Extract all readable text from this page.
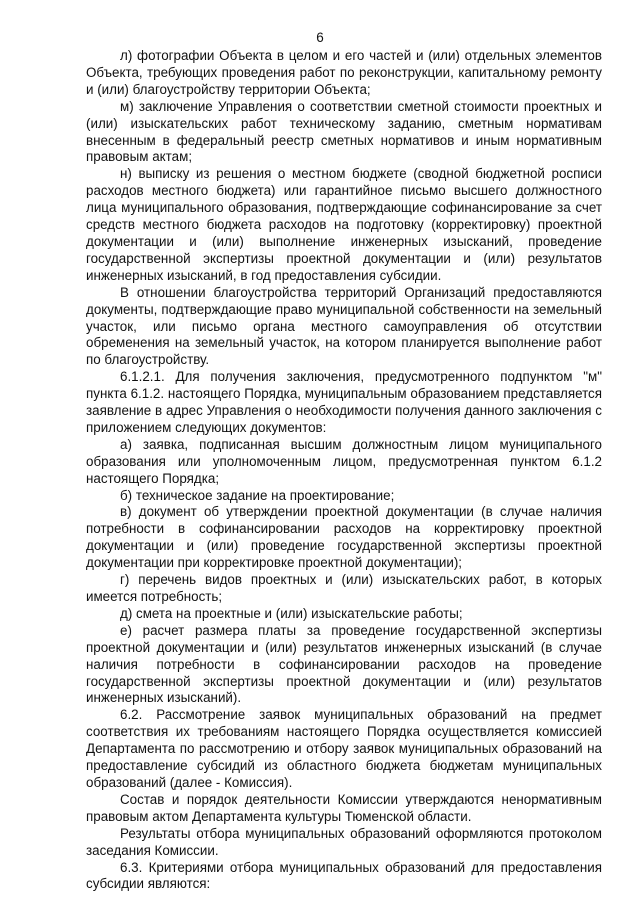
6

л) фотографии Объекта в целом и его частей и (или) отдельных элементов Объекта, требующих проведения работ по реконструкции, капитальному ремонту и (или) благоустройству территории Объекта;

м) заключение Управления о соответствии сметной стоимости проектных и (или) изыскательских работ техническому заданию, сметным нормативам внесенным в федеральный реестр сметных нормативов и иным нормативным правовым актам;

н) выписку из решения о местном бюджете (сводной бюджетной росписи расходов местного бюджета) или гарантийное письмо высшего должностного лица муниципального образования, подтверждающие софинансирование за счет средств местного бюджета расходов на подготовку (корректировку) проектной документации и (или) выполнение инженерных изысканий, проведение государственной экспертизы проектной документации и (или) результатов инженерных изысканий, в год предоставления субсидии.

В отношении благоустройства территорий Организаций предоставляются документы, подтверждающие право муниципальной собственности на земельный участок, или письмо органа местного самоуправления об отсутствии обременения на земельный участок, на котором планируется выполнение работ по благоустройству.

6.1.2.1. Для получения заключения, предусмотренного подпунктом "м" пункта 6.1.2. настоящего Порядка, муниципальным образованием представляется заявление в адрес Управления о необходимости получения данного заключения с приложением следующих документов:

а) заявка, подписанная высшим должностным лицом муниципального образования или уполномоченным лицом, предусмотренная пунктом 6.1.2 настоящего Порядка;

б) техническое задание на проектирование;

в) документ об утверждении проектной документации (в случае наличия потребности в софинансировании расходов на корректировку проектной документации и (или) проведение государственной экспертизы проектной документации при корректировке проектной документации);

г) перечень видов проектных и (или) изыскательских работ, в которых имеется потребность;

д) смета на проектные и (или) изыскательские работы;

е) расчет размера платы за проведение государственной экспертизы проектной документации и (или) результатов инженерных изысканий (в случае наличия потребности в софинансировании расходов на проведение государственной экспертизы проектной документации и (или) результатов инженерных изысканий).

6.2. Рассмотрение заявок муниципальных образований на предмет соответствия их требованиям настоящего Порядка осуществляется комиссией Департамента по рассмотрению и отбору заявок муниципальных образований на предоставление субсидий из областного бюджета бюджетам муниципальных образований (далее - Комиссия).

Состав и порядок деятельности Комиссии утверждаются ненормативным правовым актом Департамента культуры Тюменской области.

Результаты отбора муниципальных образований оформляются протоколом заседания Комиссии.

6.3. Критериями отбора муниципальных образований для предоставления субсидии являются:
